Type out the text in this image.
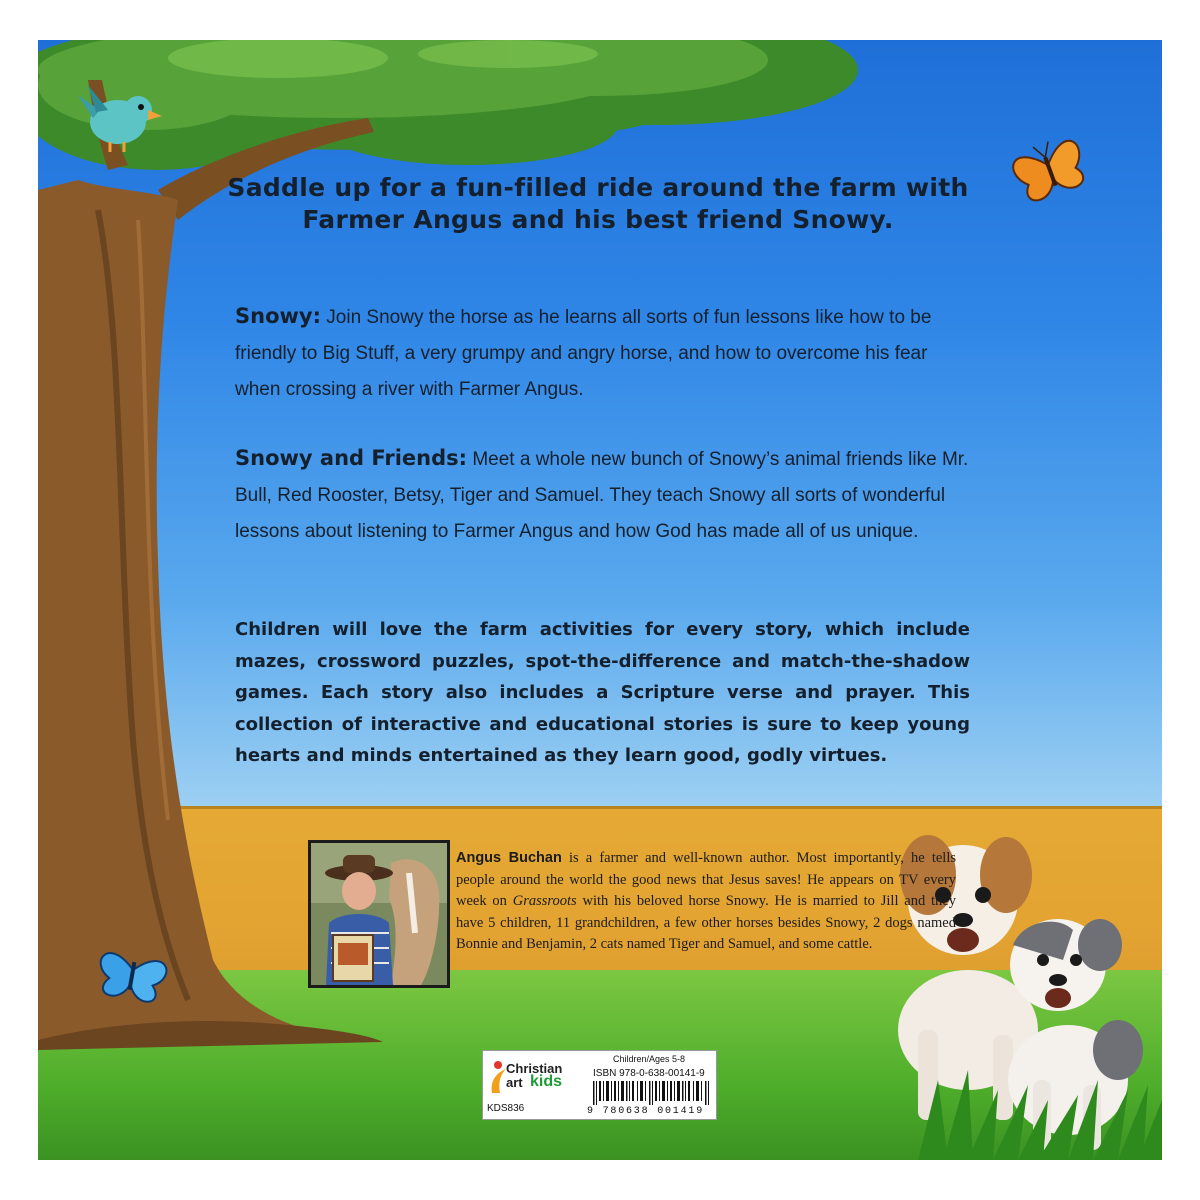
Saddle up for a fun-filled ride around the farm with Farmer Angus and his best friend Snowy.
Snowy: Join Snowy the horse as he learns all sorts of fun lessons like how to be friendly to Big Stuff, a very grumpy and angry horse, and how to overcome his fear when crossing a river with Farmer Angus.
Snowy and Friends: Meet a whole new bunch of Snowy’s animal friends like Mr. Bull, Red Rooster, Betsy, Tiger and Samuel. They teach Snowy all sorts of wonderful lessons about listening to Farmer Angus and how God has made all of us unique.
Children will love the farm activities for every story, which include mazes, crossword puzzles, spot-the-difference and match-the-shadow games. Each story also includes a Scripture verse and prayer. This collection of interactive and educational stories is sure to keep young hearts and minds entertained as they learn good, godly virtues.
Angus Buchan is a farmer and well-known author. Most importantly, he tells people around the world the good news that Jesus saves! He appears on TV every week on Grassroots with his beloved horse Snowy. He is married to Jill and they have 5 children, 11 grandchildren, a few other horses besides Snowy, 2 dogs named Bonnie and Benjamin, 2 cats named Tiger and Samuel, and some cattle.
Christian
art kids
KDS836
Children/Ages 5-8
ISBN 978-0-638-00141-9
9 780638 001419
